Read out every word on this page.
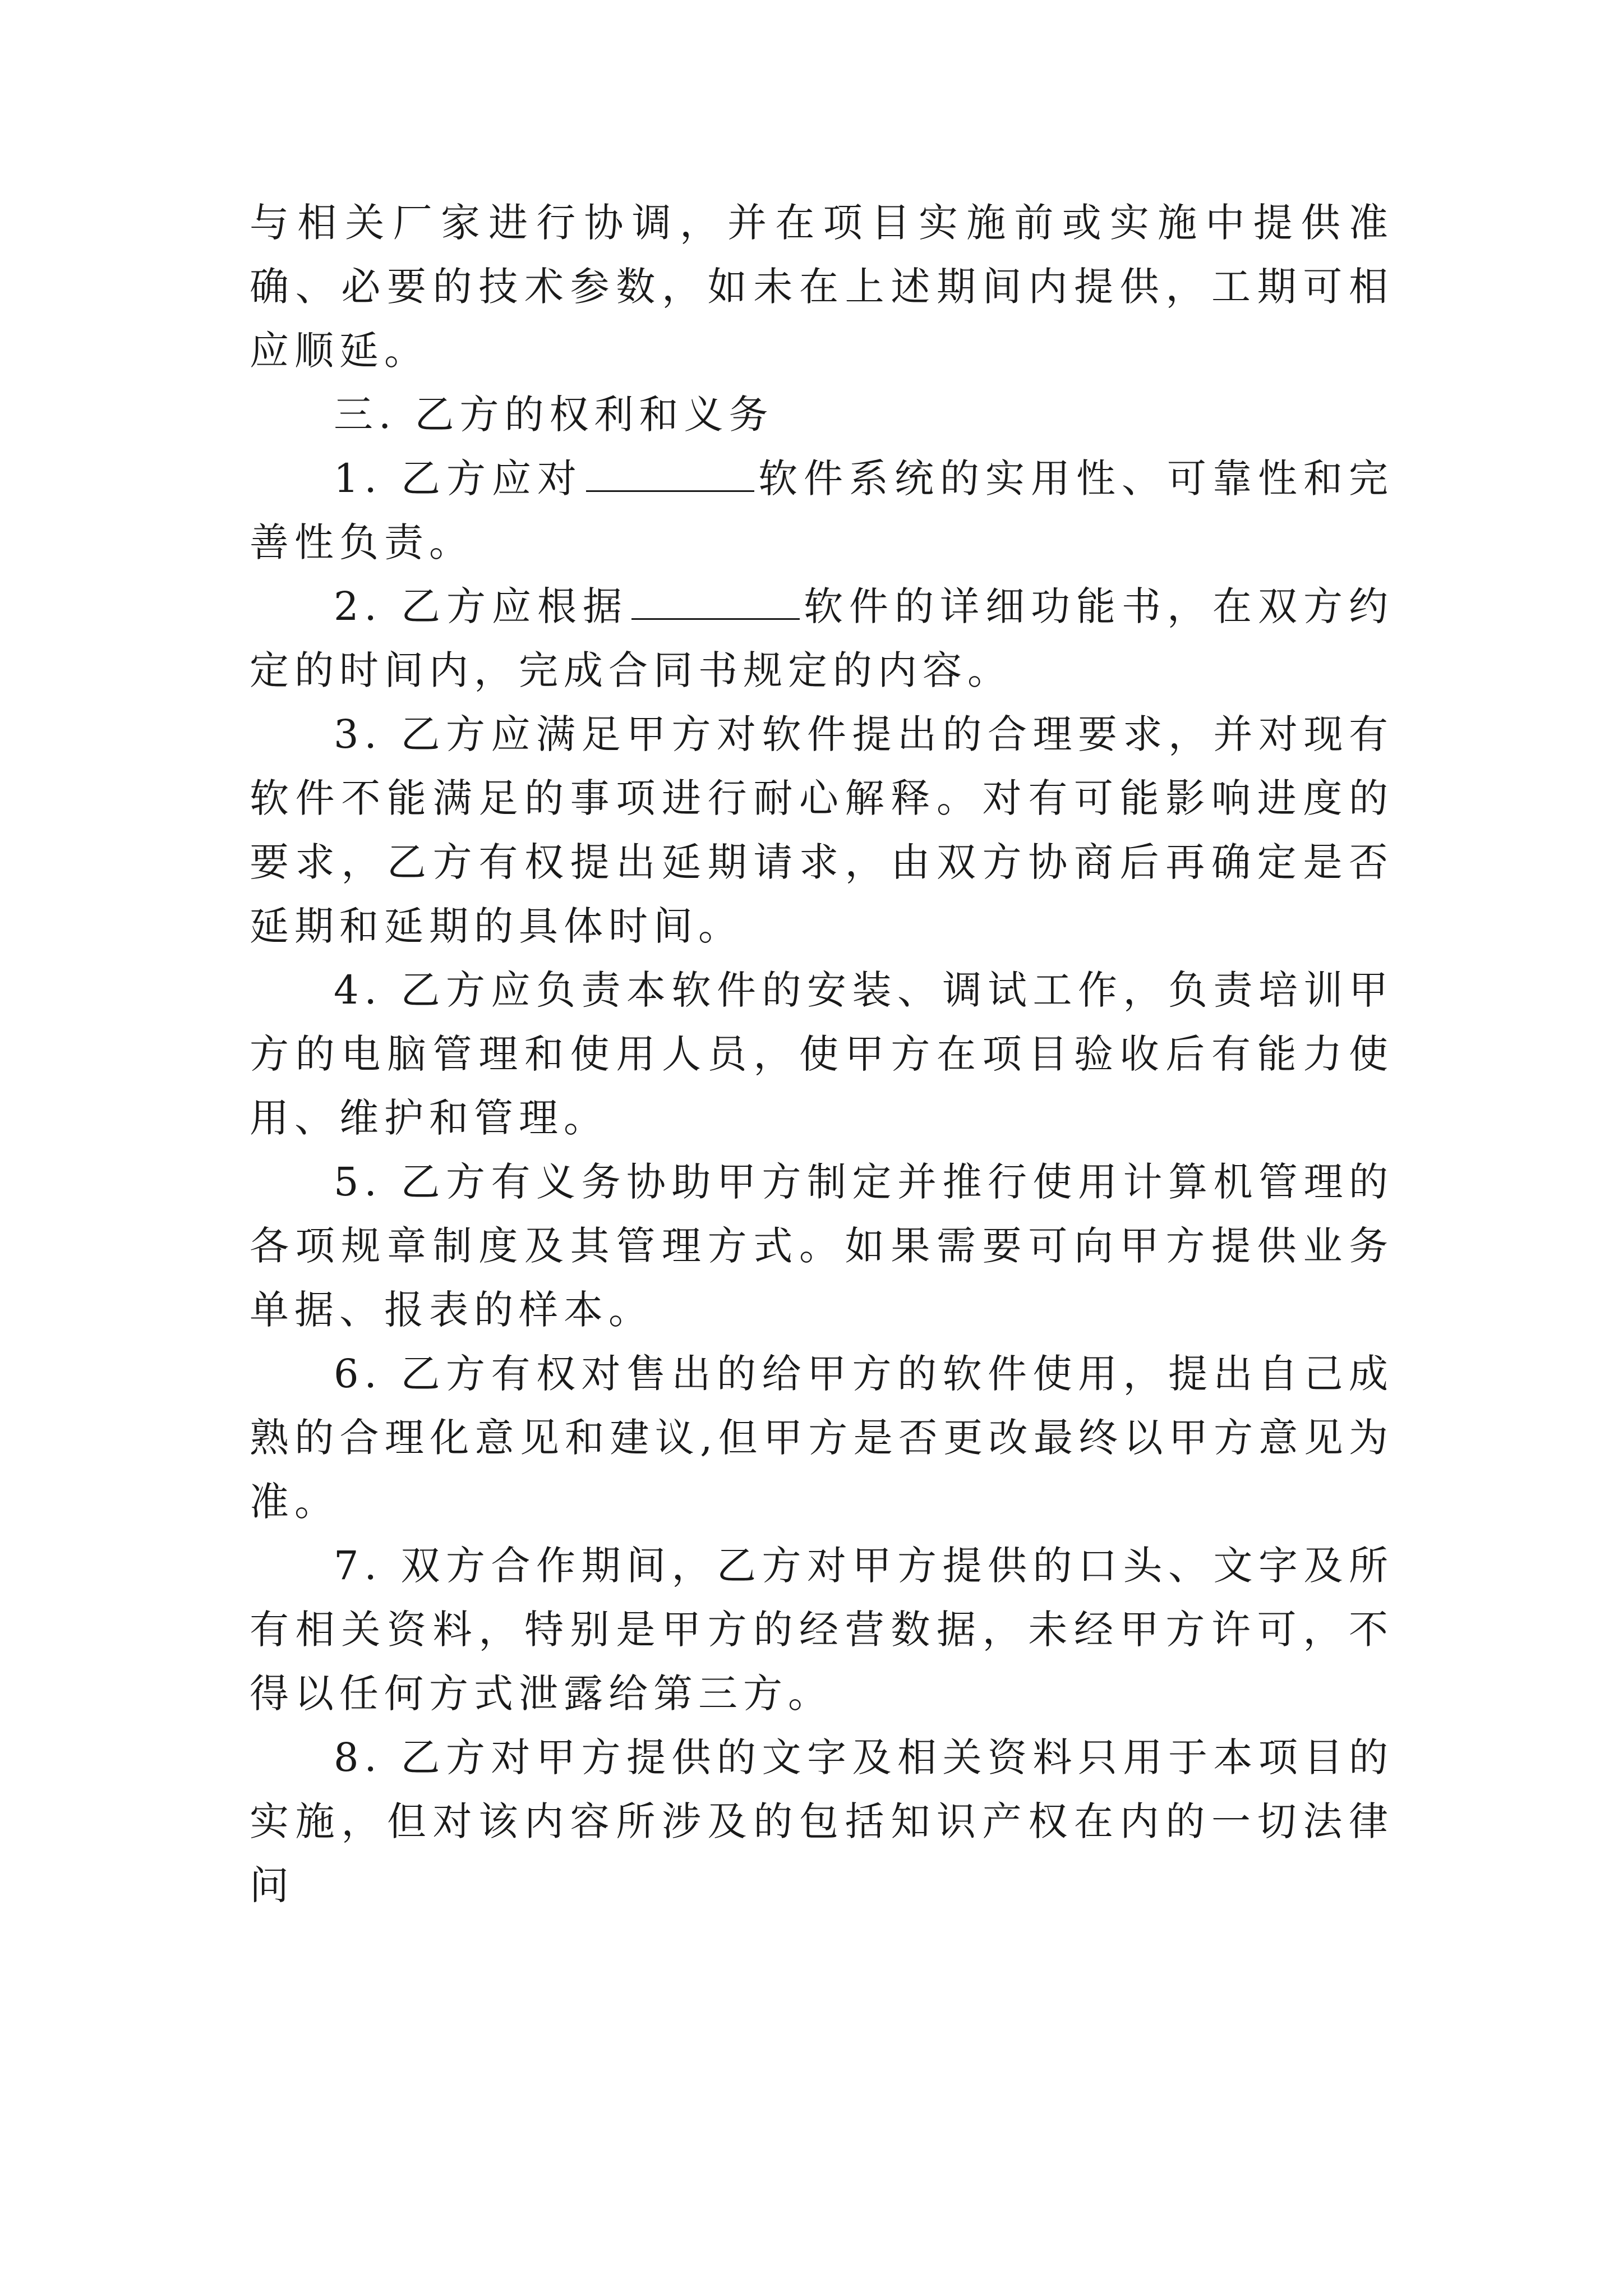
与相关厂家进行协调，并在项目实施前或实施中提供准确、必要的技术参数，如未在上述期间内提供，工期可相应顺延。

三. 乙方的权利和义务

1. 乙方应对	软件系统的实用性、可靠性和完善性负责。

2. 乙方应根据	软件的详细功能书，在双方约定的时间内，完成合同书规定的内容。

3. 乙方应满足甲方对软件提出的合理要求，并对现有软件不能满足的事项进行耐心解释。对有可能影响进度的要求，乙方有权提出延期请求，由双方协商后再确定是否延期和延期的具体时间。

4. 乙方应负责本软件的安装、调试工作，负责培训甲方的电脑管理和使用人员，使甲方在项目验收后有能力使用、维护和管理。

5. 乙方有义务协助甲方制定并推行使用计算机管理的各项规章制度及其管理方式。如果需要可向甲方提供业务单据、报表的样本。

6. 乙方有权对售出的给甲方的软件使用，提出自己成熟的合理化意见和建议,但甲方是否更改最终以甲方意见为准。

7. 双方合作期间，乙方对甲方提供的口头、文字及所有相关资料，特别是甲方的经营数据，未经甲方许可，不得以任何方式泄露给第三方。

8. 乙方对甲方提供的文字及相关资料只用于本项目的实施，但对该内容所涉及的包括知识产权在内的一切法律问
